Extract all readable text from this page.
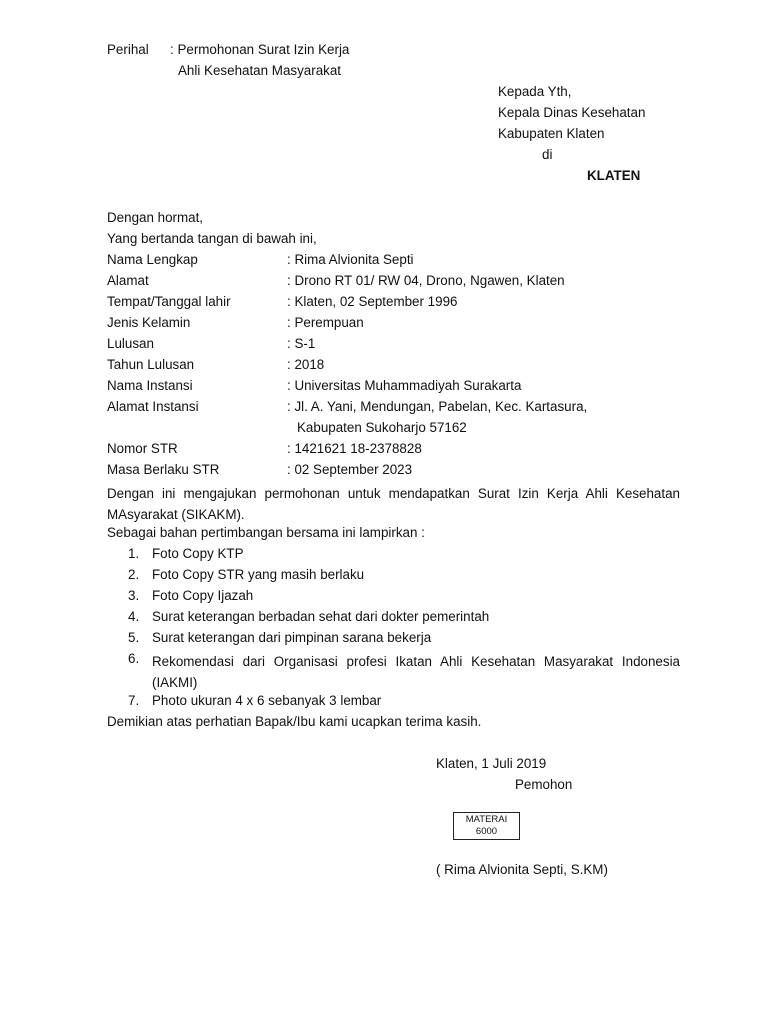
Perihal : Permohonan Surat Izin Kerja
Ahli Kesehatan Masyarakat
Kepada Yth,
Kepala Dinas Kesehatan
Kabupaten Klaten
di
KLATEN
Dengan hormat,
Yang bertanda tangan di bawah ini,
Nama Lengkap	: Rima Alvionita Septi
Alamat	: Drono RT 01/ RW 04, Drono, Ngawen, Klaten
Tempat/Tanggal lahir	: Klaten, 02 September 1996
Jenis Kelamin	: Perempuan
Lulusan	: S-1
Tahun Lulusan	: 2018
Nama Instansi	: Universitas Muhammadiyah Surakarta
Alamat Instansi	: Jl. A. Yani, Mendungan, Pabelan, Kec. Kartasura,
Kabupaten Sukoharjo 57162
Nomor STR	: 1421621 18-2378828
Masa Berlaku STR	: 02 September 2023
Dengan ini mengajukan permohonan untuk mendapatkan Surat Izin Kerja Ahli Kesehatan MAsyarakat (SIKAKM).
Sebagai bahan pertimbangan bersama ini lampirkan :
1. Foto Copy KTP
2. Foto Copy STR yang masih berlaku
3. Foto Copy Ijazah
4. Surat keterangan berbadan sehat dari dokter pemerintah
5. Surat keterangan dari pimpinan sarana bekerja
6. Rekomendasi dari Organisasi profesi Ikatan Ahli Kesehatan Masyarakat Indonesia (IAKMI)
7. Photo ukuran 4 x 6 sebanyak 3 lembar
Demikian atas perhatian Bapak/Ibu kami ucapkan terima kasih.
Klaten, 1 Juli 2019
Pemohon
MATERAI
6000
( Rima Alvionita Septi, S.KM)
